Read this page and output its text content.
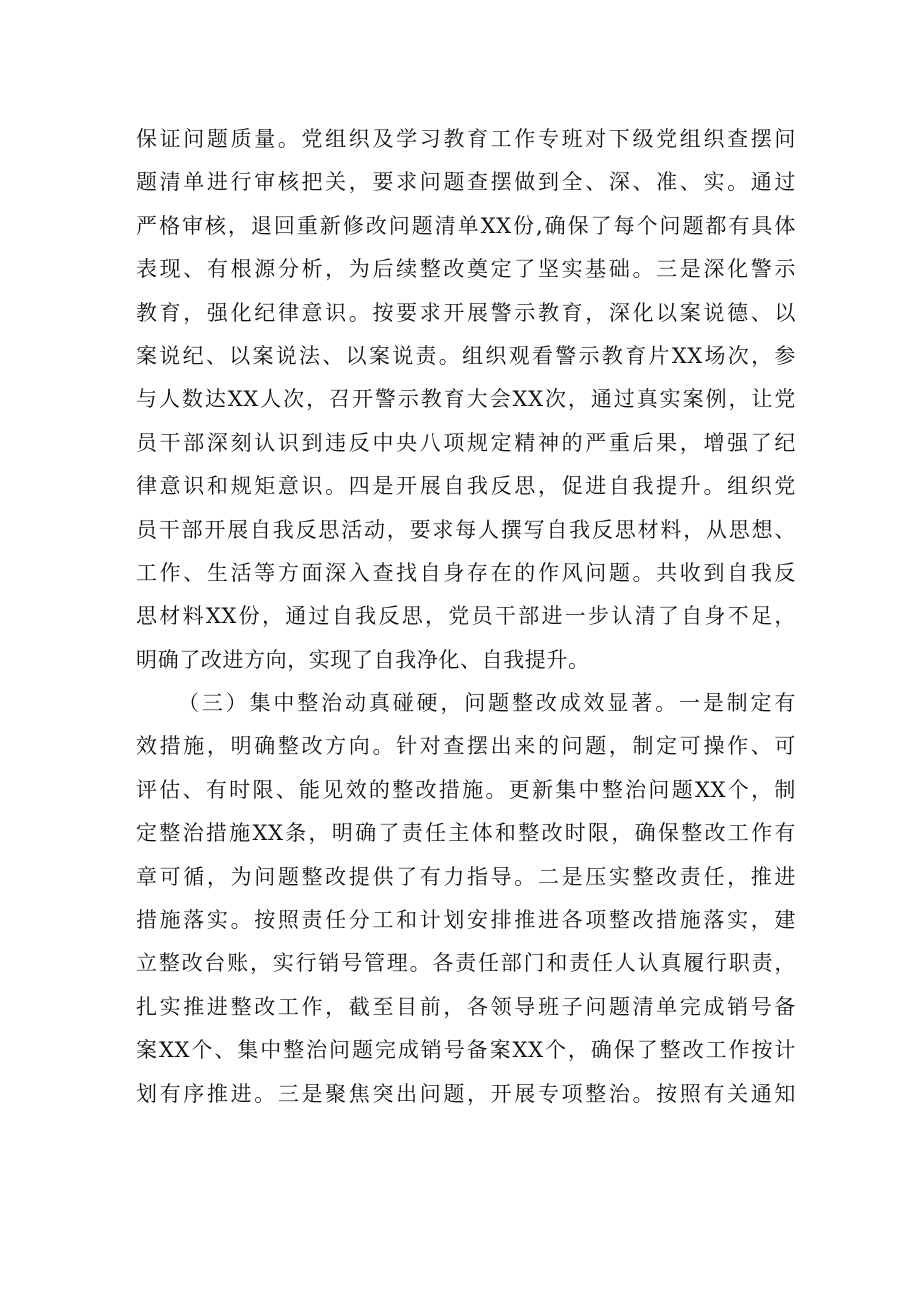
保证问题质量。党组织及学习教育工作专班对下级党组织查摆问
题清单进行审核把关，要求问题查摆做到全、深、准、实。通过
严格审核，退回重新修改问题清单XX份,确保了每个问题都有具体
表现、有根源分析，为后续整改奠定了坚实基础。三是深化警示
教育，强化纪律意识。按要求开展警示教育，深化以案说德、以
案说纪、以案说法、以案说责。组织观看警示教育片XX场次，参
与人数达XX人次，召开警示教育大会XX次，通过真实案例，让党
员干部深刻认识到违反中央八项规定精神的严重后果，增强了纪
律意识和规矩意识。四是开展自我反思，促进自我提升。组织党
员干部开展自我反思活动，要求每人撰写自我反思材料，从思想、
工作、生活等方面深入查找自身存在的作风问题。共收到自我反
思材料XX份，通过自我反思，党员干部进一步认清了自身不足，
明确了改进方向，实现了自我净化、自我提升。
（三）集中整治动真碰硬，问题整改成效显著。一是制定有
效措施，明确整改方向。针对查摆出来的问题，制定可操作、可
评估、有时限、能见效的整改措施。更新集中整治问题XX个，制
定整治措施XX条，明确了责任主体和整改时限，确保整改工作有
章可循，为问题整改提供了有力指导。二是压实整改责任，推进
措施落实。按照责任分工和计划安排推进各项整改措施落实，建
立整改台账，实行销号管理。各责任部门和责任人认真履行职责，
扎实推进整改工作，截至目前，各领导班子问题清单完成销号备
案XX个、集中整治问题完成销号备案XX个，确保了整改工作按计
划有序推进。三是聚焦突出问题，开展专项整治。按照有关通知
